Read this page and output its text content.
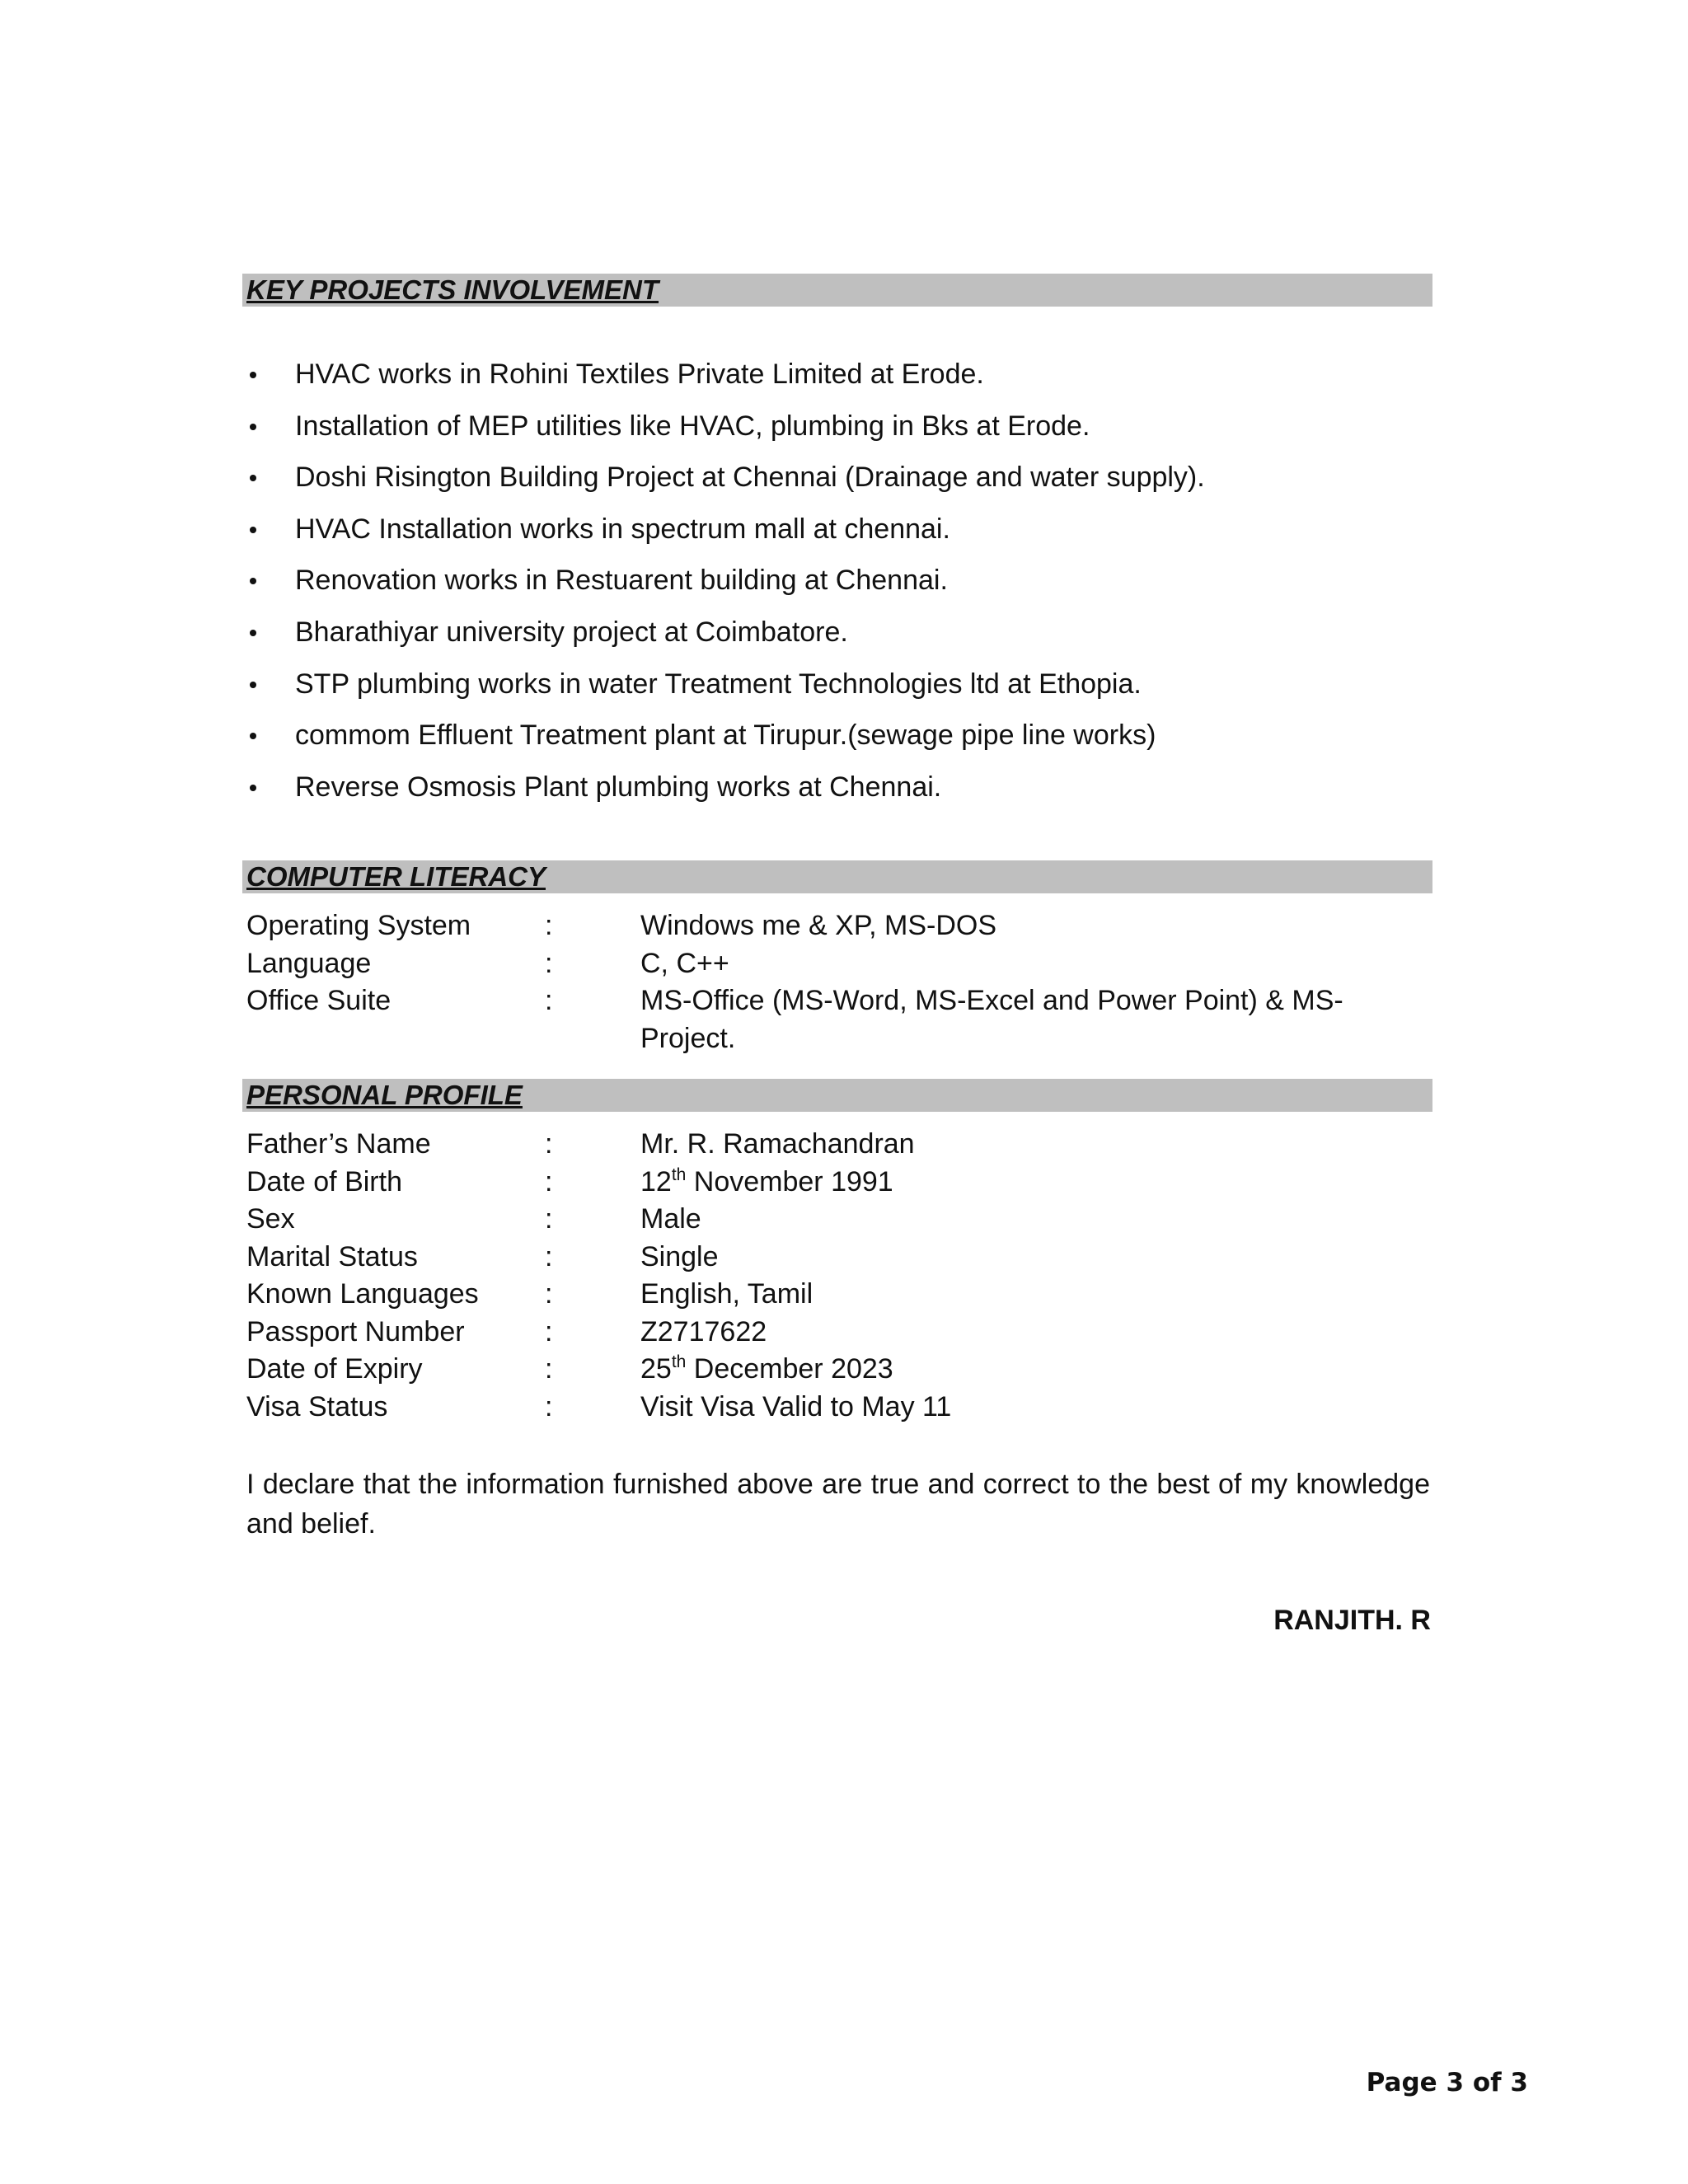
KEY PROJECTS INVOLVEMENT
HVAC works in Rohini Textiles Private Limited at Erode.
Installation of MEP utilities like HVAC, plumbing in Bks at Erode.
Doshi Risington Building Project at Chennai (Drainage and water supply).
HVAC Installation works in spectrum mall at chennai.
Renovation works in Restuarent building at Chennai.
Bharathiyar university project at Coimbatore.
STP plumbing works in water Treatment Technologies ltd at Ethopia.
commom Effluent Treatment plant at Tirupur.(sewage pipe line works)
Reverse Osmosis Plant plumbing works at Chennai.
COMPUTER LITERACY
Operating System	:	Windows me & XP, MS-DOS
Language	:	C, C++
Office Suite	:	MS-Office (MS-Word, MS-Excel and Power Point) & MS-Project.
PERSONAL PROFILE
Father’s Name	:	Mr. R. Ramachandran
Date of Birth	:	12th November 1991
Sex	:	Male
Marital Status	:	Single
Known Languages	:	English, Tamil
Passport Number	:	Z2717622
Date of Expiry	:	25th December 2023
Visa Status	:	Visit Visa Valid to May 11

I declare that the information furnished above are true and correct to the best of my knowledge and belief.

RANJITH. R
Page 3 of 3
